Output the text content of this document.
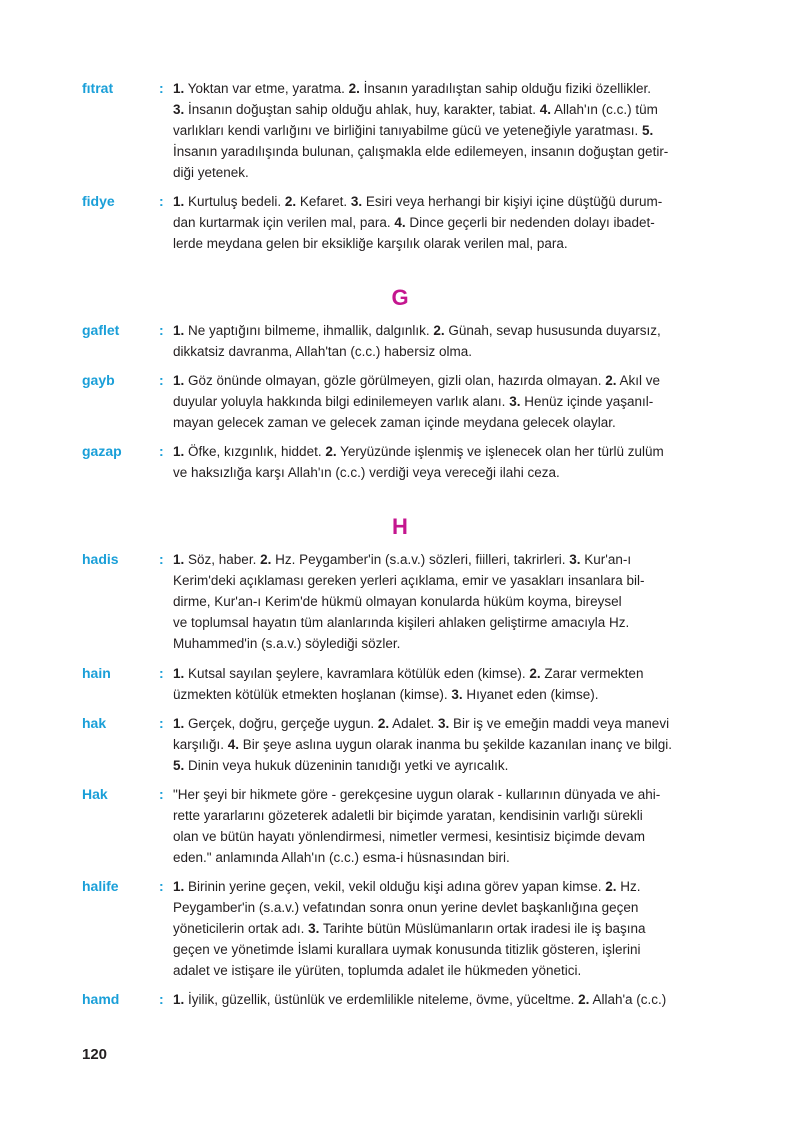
fıtrat	: 1. Yoktan var etme, yaratma. 2. İnsanın yaradılıştan sahip olduğu fiziki özellikler.
3. İnsanın doğuştan sahip olduğu ahlak, huy, karakter, tabiat. 4. Allah'ın (c.c.) tüm
varlıkları kendi varlığını ve birliğini tanıyabilme gücü ve yeteneğiyle yaratması. 5.
İnsanın yaradılışında bulunan, çalışmakla elde edilemeyen, insanın doğuştan getir-
diği yetenek.
fidye	: 1. Kurtuluş bedeli. 2. Kefaret. 3. Esiri veya herhangi bir kişiyi içine düştüğü durum-
dan kurtarmak için verilen mal, para. 4. Dince geçerli bir nedenden dolayı ibadet-
lerde meydana gelen bir eksikliğe karşılık olarak verilen mal, para.
G
gaflet	: 1. Ne yaptığını bilmeme, ihmallik, dalgınlık. 2. Günah, sevap hususunda duyarsız,
dikkatsiz davranma, Allah'tan (c.c.) habersiz olma.
gayb	: 1. Göz önünde olmayan, gözle görülmeyen, gizli olan, hazırda olmayan. 2. Akıl ve
duyular yoluyla hakkında bilgi edinilemeyen varlık alanı. 3. Henüz içinde yaşanıl-
mayan gelecek zaman ve gelecek zaman içinde meydana gelecek olaylar.
gazap	: 1. Öfke, kızgınlık, hiddet. 2. Yeryüzünde işlenmiş ve işlenecek olan her türlü zulüm
ve haksızlığa karşı Allah'ın (c.c.) verdiği veya vereceği ilahi ceza.
H
hadis	: 1. Söz, haber. 2. Hz. Peygamber'in (s.a.v.) sözleri, fiilleri, takrirleri. 3. Kur'an-ı
Kerim'deki açıklaması gereken yerleri açıklama, emir ve yasakları insanlara bil-
dirme, Kur'an-ı Kerim'de hükmü olmayan konularda hüküm koyma, bireysel
ve toplumsal hayatın tüm alanlarında kişileri ahlaken geliştirme amacıyla Hz.
Muhammed'in (s.a.v.) söylediği sözler.
hain	: 1. Kutsal sayılan şeylere, kavramlara kötülük eden (kimse). 2. Zarar vermekten
üzmekten kötülük etmekten hoşlanan (kimse). 3. Hıyanet eden (kimse).
hak	: 1. Gerçek, doğru, gerçeğe uygun. 2. Adalet. 3. Bir iş ve emeğin maddi veya manevi
karşılığı. 4. Bir şeye aslına uygun olarak inanma bu şekilde kazanılan inanç ve bilgi.
5. Dinin veya hukuk düzeninin tanıdığı yetki ve ayrıcalık.
Hak	: "Her şeyi bir hikmete göre - gerekçesine uygun olarak - kullarının dünyada ve ahi-
rette yararlarını gözeterek adaletli bir biçimde yaratan, kendisinin varlığı sürekli
olan ve bütün hayatı yönlendirmesi, nimetler vermesi, kesintisiz biçimde devam
eden." anlamında Allah'ın (c.c.) esma-i hüsnasından biri.
halife	: 1. Birinin yerine geçen, vekil, vekil olduğu kişi adına görev yapan kimse. 2. Hz.
Peygamber'in (s.a.v.) vefatından sonra onun yerine devlet başkanlığına geçen
yöneticilerin ortak adı. 3. Tarihte bütün Müslümanların ortak iradesi ile iş başına
geçen ve yönetimde İslami kurallara uymak konusunda titizlik gösteren, işlerini
adalet ve istişare ile yürüten, toplumda adalet ile hükmeden yönetici.
hamd	: 1. İyilik, güzellik, üstünlük ve erdemlilikle niteleme, övme, yüceltme. 2. Allah'a (c.c.)
120
